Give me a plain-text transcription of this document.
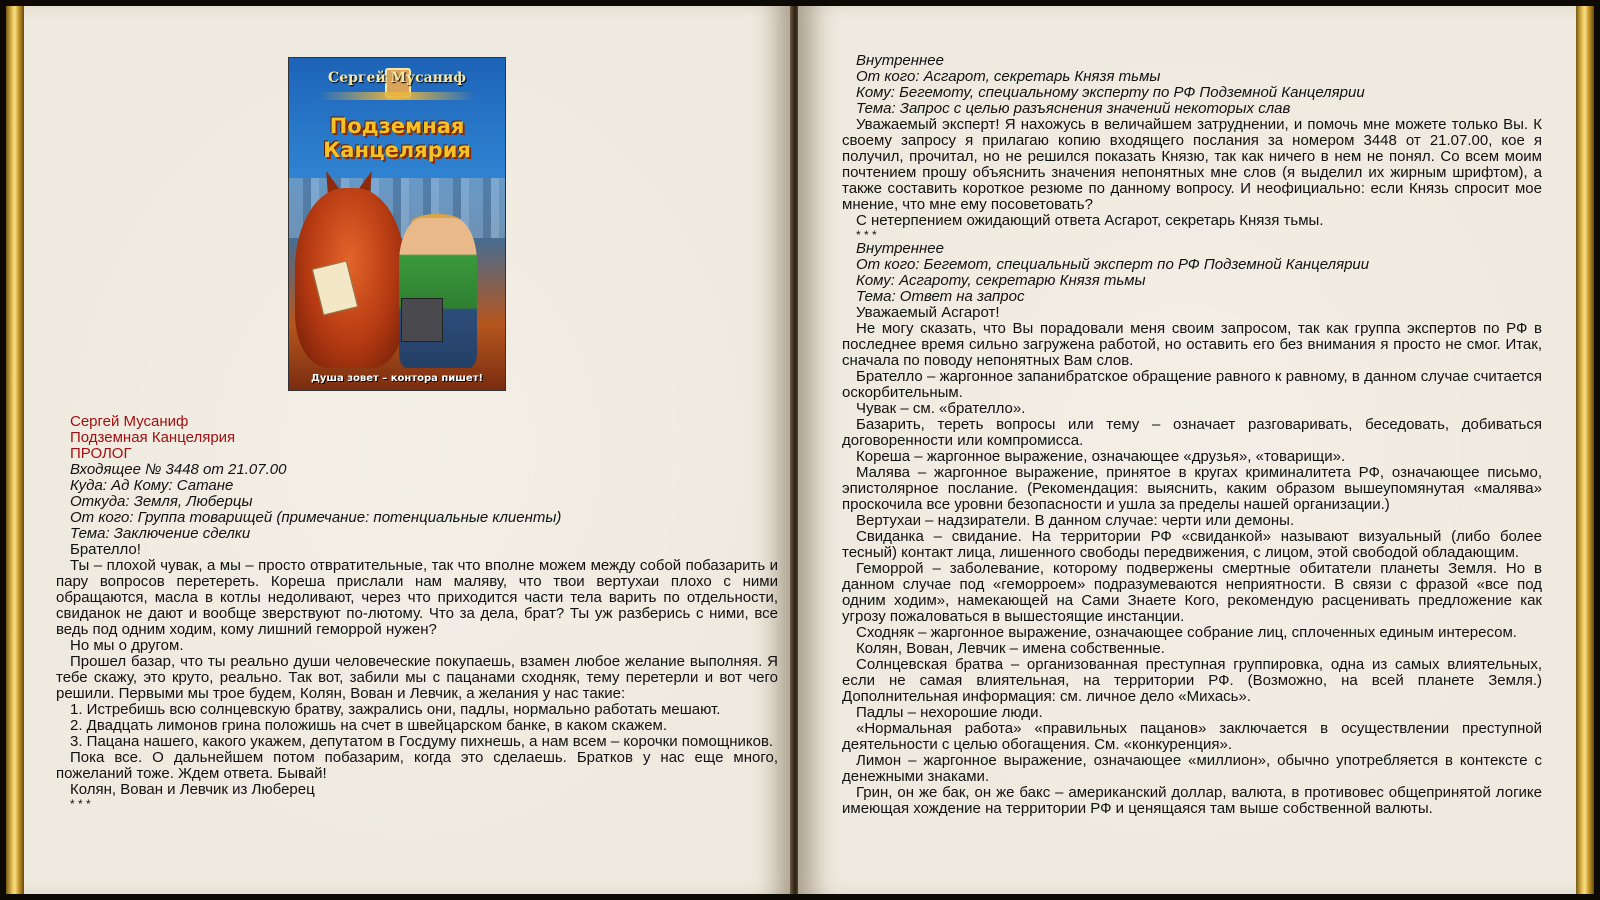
Сергей Мусаниф
Подземная
Канцелярия
Душа зовет – контора пишет!
Сергей Мусаниф
Подземная Канцелярия
ПРОЛОГ
Входящее № 3448 от 21.07.00
Куда: Ад Кому: Сатане
Откуда: Земля, Люберцы
От кого: Группа товарищей (примечание: потенциальные клиенты)
Тема: Заключение сделки

Брателло!

Ты – плохой чувак, а мы – просто отвратительные, так что вполне можем между собой побазарить и пару вопросов перетереть. Кореша прислали нам маляву, что твои вертухаи плохо с ними обращаются, масла в котлы недоливают, через что приходится части тела варить по отдельности, свиданок не дают и вообще зверствуют по-лютому. Что за дела, брат? Ты уж разберись с ними, все ведь под одним ходим, кому лишний геморрой нужен?

Но мы о другом.

Прошел базар, что ты реально души человеческие покупаешь, взамен любое желание выполняя. Я тебе скажу, это круто, реально. Так вот, забили мы с пацанами сходняк, тему перетерли и вот чего решили. Первыми мы трое будем, Колян, Вован и Левчик, а желания у нас такие:

1. Истребишь всю солнцевскую братву, зажрались они, падлы, нормально работать мешают.

2. Двадцать лимонов грина положишь на счет в швейцарском банке, в каком скажем.

3. Пацана нашего, какого укажем, депутатом в Госдуму пихнешь, а нам всем – корочки помощников.

Пока все. О дальнейшем потом побазарим, когда это сделаешь. Братков у нас еще много, пожеланий тоже. Ждем ответа. Бывай!

Колян, Вован и Левчик из Люберец

* * *
Внутреннее
От кого: Асгарот, секретарь Князя тьмы
Кому: Бегемоту, специальному эксперту по РФ Подземной Канцелярии
Тема: Запрос с целью разъяснения значений некоторых слав

Уважаемый эксперт! Я нахожусь в величайшем затруднении, и помочь мне можете только Вы. К своему запросу я прилагаю копию входящего послания за номером 3448 от 21.07.00, кое я получил, прочитал, но не решился показать Князю, так как ничего в нем не понял. Со всем моим почтением прошу объяснить значения непонятных мне слов (я выделил их жирным шрифтом), а также составить короткое резюме по данному вопросу. И неофициально: если Князь спросит мое мнение, что мне ему посоветовать?

С нетерпением ожидающий ответа Асгарот, секретарь Князя тьмы.

* * *
Внутреннее
От кого: Бегемот, специальный эксперт по РФ Подземной Канцелярии
Кому: Асгароту, секретарю Князя тьмы
Тема: Ответ на запрос

Уважаемый Асгарот!

Не могу сказать, что Вы порадовали меня своим запросом, так как группа экспертов по РФ в последнее время сильно загружена работой, но оставить его без внимания я просто не смог. Итак, сначала по поводу непонятных Вам слов.

Брателло – жаргонное запанибратское обращение равного к равному, в данном случае считается оскорбительным.

Чувак – см. «брателло».

Базарить, тереть вопросы или тему – означает разговаривать, беседовать, добиваться договоренности или компромисса.

Кореша – жаргонное выражение, означающее «друзья», «товарищи».

Малява – жаргонное выражение, принятое в кругах криминалитета РФ, означающее письмо, эпистолярное послание. (Рекомендация: выяснить, каким образом вышеупомянутая «малява» проскочила все уровни безопасности и ушла за пределы нашей организации.)

Вертухаи – надзиратели. В данном случае: черти или демоны.

Свиданка – свидание. На территории РФ «свиданкой» называют визуальный (либо более тесный) контакт лица, лишенного свободы передвижения, с лицом, этой свободой обладающим.

Геморрой – заболевание, которому подвержены смертные обитатели планеты Земля. Но в данном случае под «геморроем» подразумеваются неприятности. В связи с фразой «все под одним ходим», намекающей на Сами Знаете Кого, рекомендую расценивать предложение как угрозу пожаловаться в вышестоящие инстанции.

Сходняк – жаргонное выражение, означающее собрание лиц, сплоченных единым интересом.

Колян, Вован, Левчик – имена собственные.

Солнцевская братва – организованная преступная группировка, одна из самых влиятельных, если не самая влиятельная, на территории РФ. (Возможно, на всей планете Земля.) Дополнительная информация: см. личное дело «Михась».

Падлы – нехорошие люди.

«Нормальная работа» «правильных пацанов» заключается в осуществлении преступной деятельности с целью обогащения. См. «конкуренция».

Лимон – жаргонное выражение, означающее «миллион», обычно употребляется в контексте с денежными знаками.

Грин, он же бак, он же бакс – американский доллар, валюта, в противовес общепринятой логике имеющая хождение на территории РФ и ценящаяся там выше собственной валюты.
